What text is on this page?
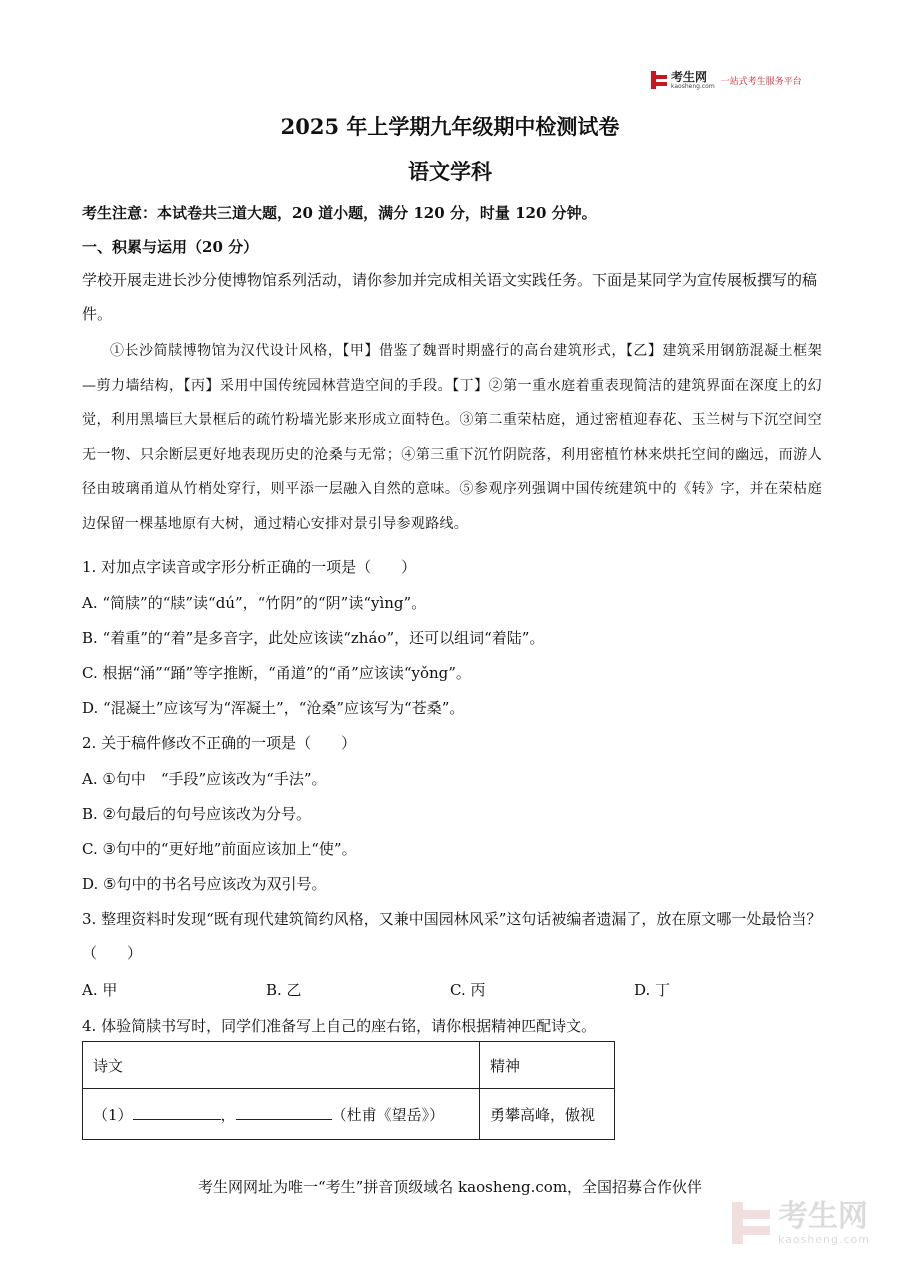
考生网
kaosheng.com 一站式考生服务平台
2025 年上学期九年级期中检测试卷
语文学科
考生注意：本试卷共三道大题，20 道小题，满分 120 分，时量 120 分钟。
一、积累与运用（20 分）
学校开展走进长沙分使博物馆系列活动，请你参加并完成相关语文实践任务。下面是某同学为宣传展板撰写的稿件。
①长沙简牍博物馆为汉代设计风格，【甲】借鉴了魏晋时期盛行的高台建筑形式，【乙】建筑采用钢筋混凝土框架—剪力墙结构，【丙】采用中国传统园林营造空间的手段。【丁】②第一重水庭着重表现简洁的建筑界面在深度上的幻觉，利用黑墙巨大景框后的疏竹粉墙光影来形成立面特色。③第二重荣枯庭，通过密植迎春花、玉兰树与下沉空间空无一物、只余断层更好地表现历史的沧桑与无常；④第三重下沉竹阴院落，利用密植竹林来烘托空间的幽远，而游人径由玻璃甬道从竹梢处穿行，则平添一层融入自然的意味。⑤参观序列强调中国传统建筑中的《转》字，并在荣枯庭边保留一棵基地原有大树，通过精心安排对景引导参观路线。
1. 对加点字读音或字形分析正确的一项是（　　）
A. “简牍”的“牍”读“dú”，“竹阴”的“阴”读“yìng”。
B. “着重”的“着”是多音字，此处应该读“zháo”，还可以组词“着陆”。
C. 根据“涌”“踊”等字推断，“甬道”的“甬”应该读“yǒng”。
D. “混凝土”应该写为“浑凝土”，“沧桑”应该写为“苍桑”。
2. 关于稿件修改不正确的一项是（　　）
A. ①句中　“手段”应该改为“手法”。
B. ②句最后的句号应该改为分号。
C. ③句中的“更好地”前面应该加上“使”。
D. ⑤句中的书名号应该改为双引号。
3. 整理资料时发现“既有现代建筑简约风格，又兼中国园林风采”这句话被编者遗漏了，放在原文哪一处最恰当？（　　）
A. 甲	B. 乙	C. 丙	D. 丁
4. 体验简牍书写时，同学们准备写上自己的座右铭，请你根据精神匹配诗文。
诗文	精神
（1） ， （杜甫《望岳》）	勇攀高峰，傲视
考生网网址为唯一“考生”拼音顶级域名 kaosheng.com，全国招募合作伙伴
考生网
kaosheng.com
